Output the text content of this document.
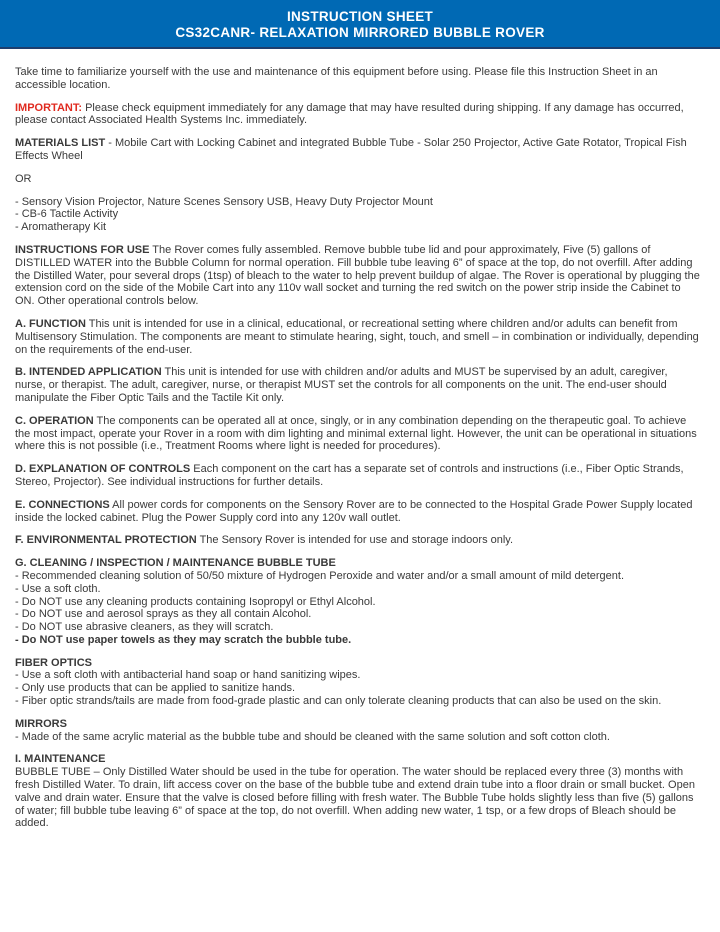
INSTRUCTION SHEET
CS32CANR- RELAXATION MIRRORED BUBBLE ROVER

Take time to familiarize yourself with the use and maintenance of this equipment before using. Please file this Instruction Sheet in an accessible location.

IMPORTANT: Please check equipment immediately for any damage that may have resulted during shipping. If any damage has occurred, please contact Associated Health Systems Inc. immediately.

MATERIALS LIST - Mobile Cart with Locking Cabinet and integrated Bubble Tube - Solar 250 Projector, Active Gate Rotator, Tropical Fish Effects Wheel

OR
- Sensory Vision Projector, Nature Scenes Sensory USB, Heavy Duty Projector Mount
- CB-6 Tactile Activity
- Aromatherapy Kit

INSTRUCTIONS FOR USE The Rover comes fully assembled. Remove bubble tube lid and pour approximately, Five (5) gallons of DISTILLED WATER into the Bubble Column for normal operation. Fill bubble tube leaving 6” of space at the top, do not overfill. After adding the Distilled Water, pour several drops (1tsp) of bleach to the water to help prevent buildup of algae. The Rover is operational by plugging the extension cord on the side of the Mobile Cart into any 110v wall socket and turning the red switch on the power strip inside the Cabinet to ON. Other operational controls below.

A. FUNCTION This unit is intended for use in a clinical, educational, or recreational setting where children and/or adults can benefit from Multisensory Stimulation. The components are meant to stimulate hearing, sight, touch, and smell – in combination or individually, depending on the requirements of the end-user.

B. INTENDED APPLICATION This unit is intended for use with children and/or adults and MUST be supervised by an adult, caregiver, nurse, or therapist. The adult, caregiver, nurse, or therapist MUST set the controls for all components on the unit. The end-user should manipulate the Fiber Optic Tails and the Tactile Kit only.

C. OPERATION The components can be operated all at once, singly, or in any combination depending on the therapeutic goal. To achieve the most impact, operate your Rover in a room with dim lighting and minimal external light. However, the unit can be operational in situations where this is not possible (i.e., Treatment Rooms where light is needed for procedures).

D. EXPLANATION OF CONTROLS Each component on the cart has a separate set of controls and instructions (i.e., Fiber Optic Strands, Stereo, Projector). See individual instructions for further details.

E. CONNECTIONS All power cords for components on the Sensory Rover are to be connected to the Hospital Grade Power Supply located inside the locked cabinet. Plug the Power Supply cord into any 120v wall outlet.

F. ENVIRONMENTAL PROTECTION The Sensory Rover is intended for use and storage indoors only.

G. CLEANING / INSPECTION / MAINTENANCE BUBBLE TUBE
- Recommended cleaning solution of 50/50 mixture of Hydrogen Peroxide and water and/or a small amount of mild detergent.
- Use a soft cloth.
- Do NOT use any cleaning products containing Isopropyl or Ethyl Alcohol.
- Do NOT use and aerosol sprays as they all contain Alcohol.
- Do NOT use abrasive cleaners, as they will scratch.
- Do NOT use paper towels as they may scratch the bubble tube.
FIBER OPTICS
- Use a soft cloth with antibacterial hand soap or hand sanitizing wipes.
- Only use products that can be applied to sanitize hands.
- Fiber optic strands/tails are made from food-grade plastic and can only tolerate cleaning products that can also be used on the skin.
MIRRORS
- Made of the same acrylic material as the bubble tube and should be cleaned with the same solution and soft cotton cloth.
I. MAINTENANCE
BUBBLE TUBE – Only Distilled Water should be used in the tube for operation. The water should be replaced every three (3) months with fresh Distilled Water. To drain, lift access cover on the base of the bubble tube and extend drain tube into a floor drain or small bucket. Open valve and drain water. Ensure that the valve is closed before filling with fresh water. The Bubble Tube holds slightly less than five (5) gallons of water; fill bubble tube leaving 6” of space at the top, do not overfill. When adding new water, 1 tsp, or a few drops of Bleach should be added.
